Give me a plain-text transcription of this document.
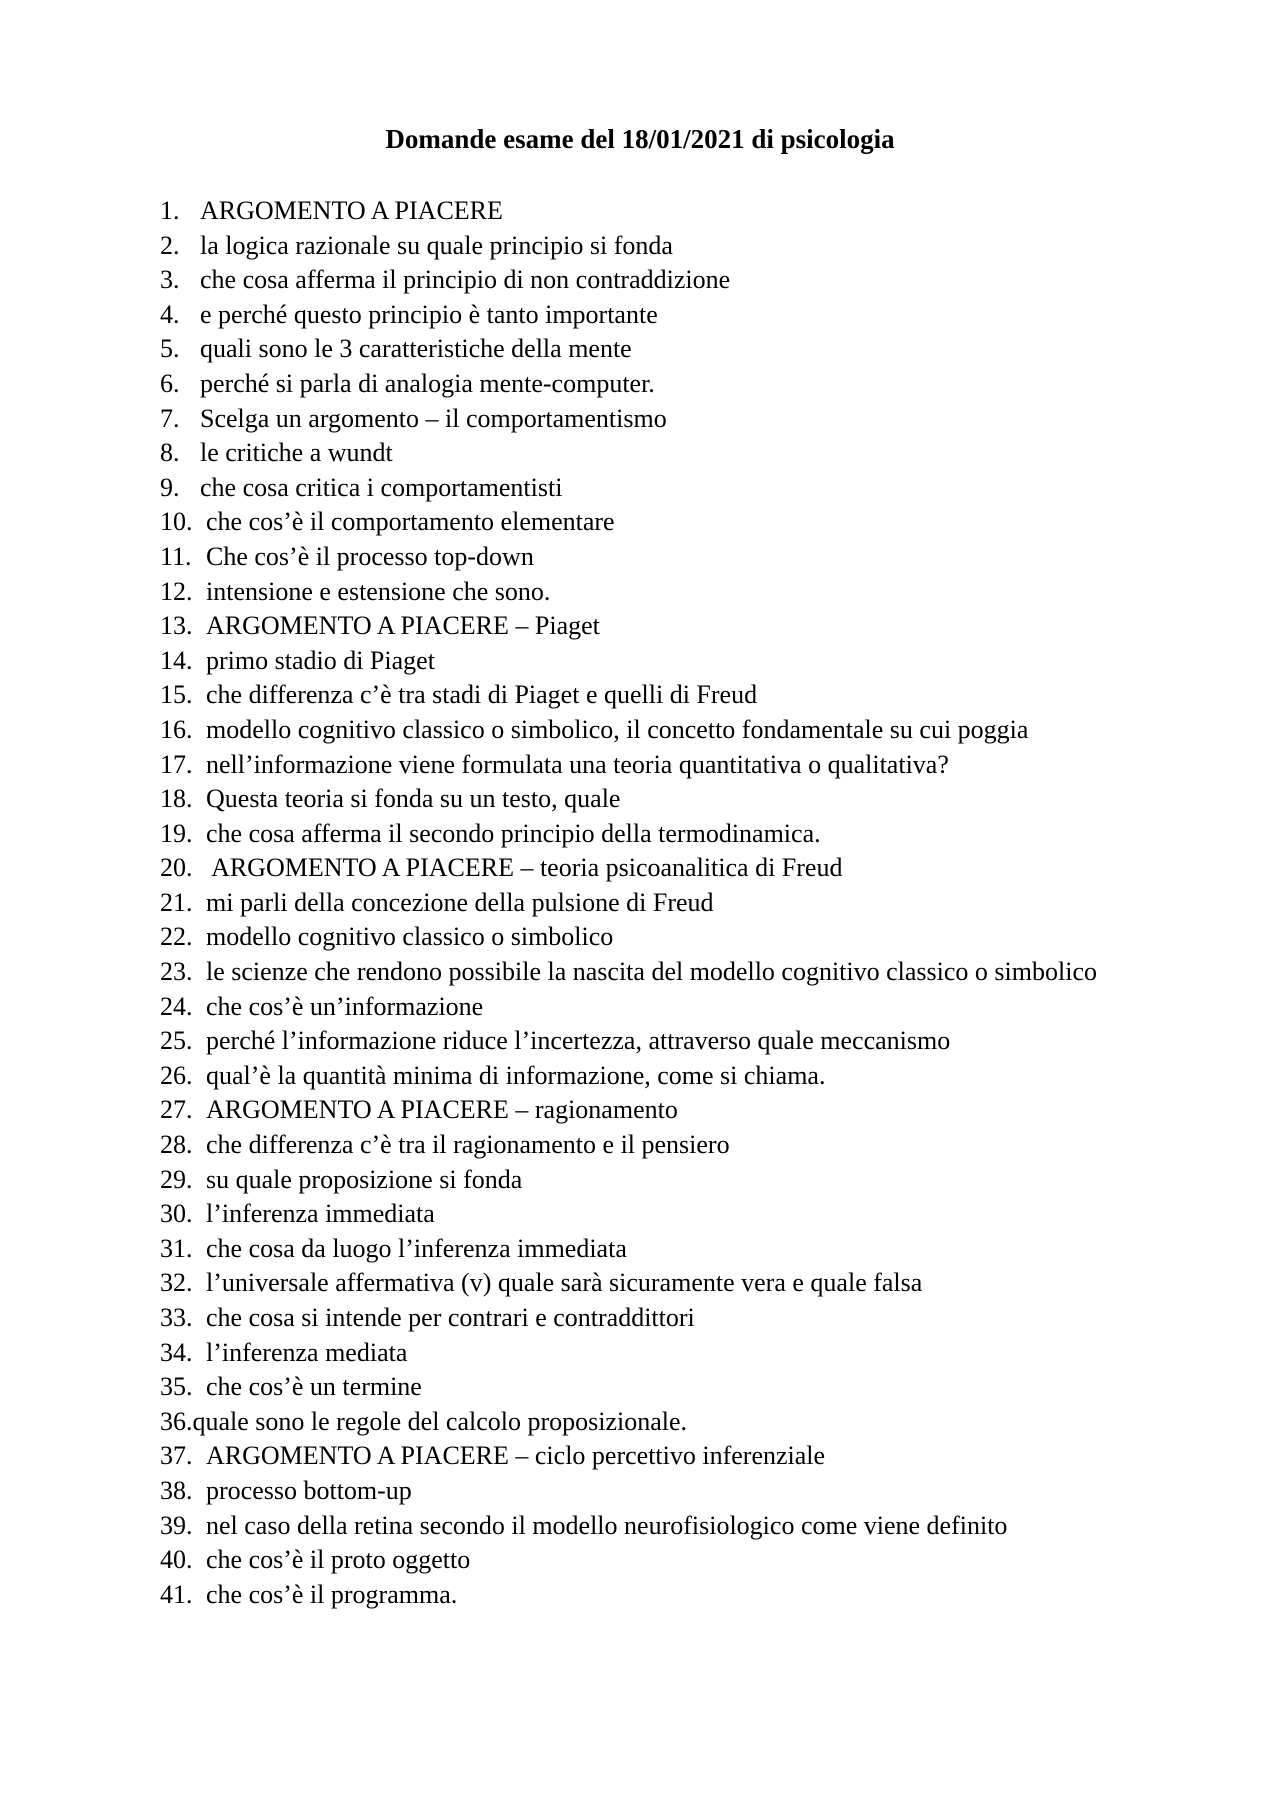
Domande esame del 18/01/2021 di psicologia
1. ARGOMENTO A PIACERE
2. la logica razionale su quale principio si fonda
3. che cosa afferma il principio di non contraddizione
4. e perché questo principio è tanto importante
5. quali sono le 3 caratteristiche della mente
6. perché si parla di analogia mente-computer.
7. Scelga un argomento – il comportamentismo
8. le critiche a wundt
9. che cosa critica i comportamentisti
10. che cos’è il comportamento elementare
11. Che cos’è il processo top-down
12. intensione e estensione che sono.
13. ARGOMENTO A PIACERE – Piaget
14. primo stadio di Piaget
15. che differenza c’è tra stadi di Piaget e quelli di Freud
16. modello cognitivo classico o simbolico, il concetto fondamentale su cui poggia
17. nell’informazione viene formulata una teoria quantitativa o qualitativa?
18. Questa teoria si fonda su un testo, quale
19. che cosa afferma il secondo principio della termodinamica.
20. ARGOMENTO A PIACERE – teoria psicoanalitica di Freud
21. mi parli della concezione della pulsione di Freud
22. modello cognitivo classico o simbolico
23. le scienze che rendono possibile la nascita del modello cognitivo classico o simbolico
24. che cos’è un’informazione
25. perché l’informazione riduce l’incertezza, attraverso quale meccanismo
26. qual’è la quantità minima di informazione, come si chiama.
27. ARGOMENTO A PIACERE – ragionamento
28. che differenza c’è tra il ragionamento e il pensiero
29. su quale proposizione si fonda
30. l’inferenza immediata
31. che cosa da luogo l’inferenza immediata
32. l’universale affermativa (v) quale sarà sicuramente vera e quale falsa
33. che cosa si intende per contrari e contraddittori
34. l’inferenza mediata
35. che cos’è un termine
36.quale sono le regole del calcolo proposizionale.
37. ARGOMENTO A PIACERE – ciclo percettivo inferenziale
38. processo bottom-up
39. nel caso della retina secondo il modello neurofisiologico come viene definito
40. che cos’è il proto oggetto
41. che cos’è il programma.
